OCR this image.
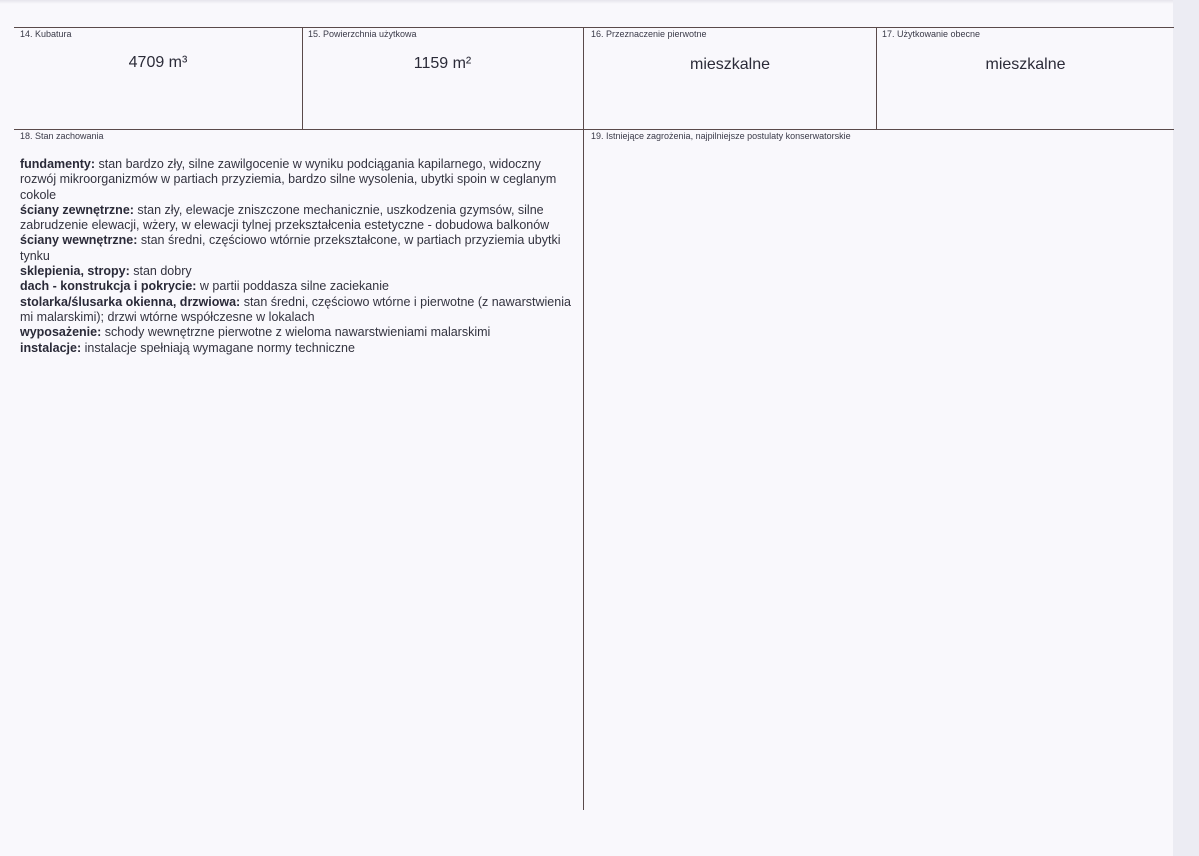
14. Kubatura
4709 m³
15. Powierzchnia użytkowa
1159 m²
16. Przeznaczenie pierwotne
mieszkalne
17. Użytkowanie obecne
mieszkalne
18. Stan zachowania	19. Istniejące zagrożenia, najpilniejsze postulaty konserwatorskie

fundamenty: stan bardzo zły, silne zawilgocenie w wyniku podciągania kapilarnego, widoczny rozwój mikroorganizmów w partiach przyziemia, bardzo silne wysolenia, ubytki spoin w ceglanym cokole

ściany zewnętrzne: stan zły, elewacje zniszczone mechanicznie, uszkodzenia gzymsów, silne zabrudzenie elewacji, wżery, w elewacji tylnej przekształcenia estetyczne - dobudowa balkonów

ściany wewnętrzne: stan średni, częściowo wtórnie przekształcone, w partiach przyziemia ubytki tynku

sklepienia, stropy: stan dobry

dach - konstrukcja i pokrycie: w partii poddasza silne zaciekanie

stolarka/ślusarka okienna, drzwiowa: stan średni, częściowo wtórne i pierwotne (z nawarstwienia mi malarskimi); drzwi wtórne współczesne w lokalach

wyposażenie: schody wewnętrzne pierwotne z wieloma nawarstwieniami malarskimi

instalacje: instalacje spełniają wymagane normy techniczne
